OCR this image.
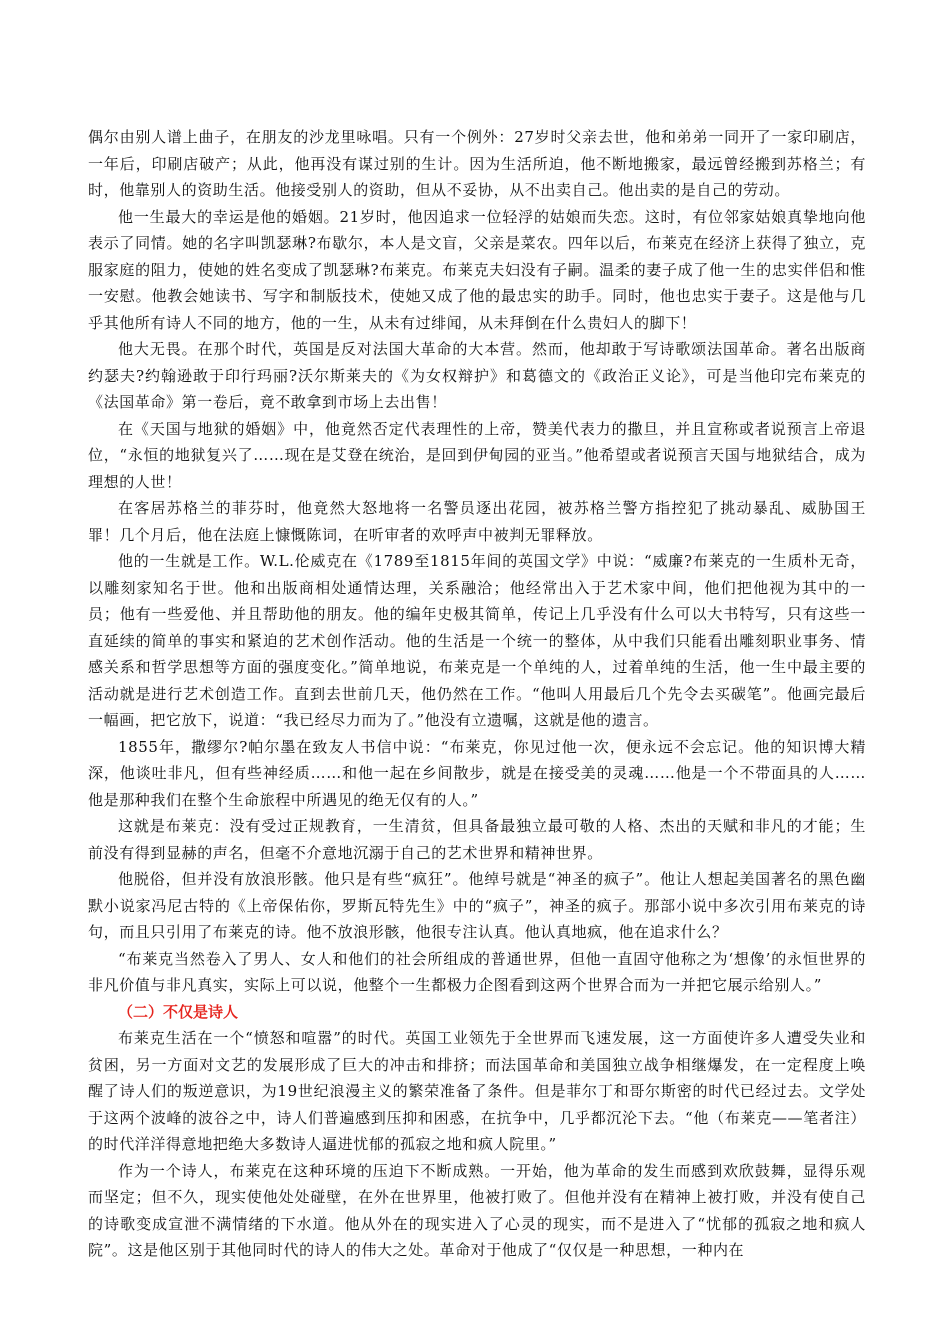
偶尔由别人谱上曲子，在朋友的沙龙里咏唱。只有一个例外：27岁时父亲去世，他和弟弟一同开了一家印刷店，一年后，印刷店破产；从此，他再没有谋过别的生计。因为生活所迫，他不断地搬家，最远曾经搬到苏格兰；有时，他靠别人的资助生活。他接受别人的资助，但从不妥协，从不出卖自己。他出卖的是自己的劳动。

他一生最大的幸运是他的婚姻。21岁时，他因追求一位轻浮的姑娘而失恋。这时，有位邻家姑娘真挚地向他表示了同情。她的名字叫凯瑟琳?布歇尔，本人是文盲，父亲是菜农。四年以后，布莱克在经济上获得了独立，克服家庭的阻力，使她的姓名变成了凯瑟琳?布莱克。布莱克夫妇没有子嗣。温柔的妻子成了他一生的忠实伴侣和惟一安慰。他教会她读书、写字和制版技术，使她又成了他的最忠实的助手。同时，他也忠实于妻子。这是他与几乎其他所有诗人不同的地方，他的一生，从未有过绯闻，从未拜倒在什么贵妇人的脚下！

他大无畏。在那个时代，英国是反对法国大革命的大本营。然而，他却敢于写诗歌颂法国革命。著名出版商约瑟夫?约翰逊敢于印行玛丽?沃尔斯莱夫的《为女权辩护》和葛德文的《政治正义论》，可是当他印完布莱克的《法国革命》第一卷后，竟不敢拿到市场上去出售！

在《天国与地狱的婚姻》中，他竟然否定代表理性的上帝，赞美代表力的撒旦，并且宣称或者说预言上帝退位，“永恒的地狱复兴了……现在是艾登在统治，是回到伊甸园的亚当。”他希望或者说预言天国与地狱结合，成为理想的人世！

在客居苏格兰的菲芬时，他竟然大怒地将一名警员逐出花园，被苏格兰警方指控犯了挑动暴乱、威胁国王罪！几个月后，他在法庭上慷慨陈词，在听审者的欢呼声中被判无罪释放。

他的一生就是工作。W.L.伦威克在《1789至1815年间的英国文学》中说：“威廉?布莱克的一生质朴无奇，以雕刻家知名于世。他和出版商相处通情达理，关系融洽；他经常出入于艺术家中间，他们把他视为其中的一员；他有一些爱他、并且帮助他的朋友。他的编年史极其简单，传记上几乎没有什么可以大书特写，只有这些一直延续的简单的事实和紧迫的艺术创作活动。他的生活是一个统一的整体，从中我们只能看出雕刻职业事务、情感关系和哲学思想等方面的强度变化。”简单地说，布莱克是一个单纯的人，过着单纯的生活，他一生中最主要的活动就是进行艺术创造工作。直到去世前几天，他仍然在工作。“他叫人用最后几个先令去买碳笔”。他画完最后一幅画，把它放下，说道：“我已经尽力而为了。”他没有立遗嘱，这就是他的遗言。

1855年，撒缪尔?帕尔墨在致友人书信中说：“布莱克，你见过他一次，便永远不会忘记。他的知识博大精深，他谈吐非凡，但有些神经质……和他一起在乡间散步，就是在接受美的灵魂……他是一个不带面具的人……他是那种我们在整个生命旅程中所遇见的绝无仅有的人。”

这就是布莱克：没有受过正规教育，一生清贫，但具备最独立最可敬的人格、杰出的天赋和非凡的才能；生前没有得到显赫的声名，但毫不介意地沉溺于自己的艺术世界和精神世界。

他脱俗，但并没有放浪形骸。他只是有些“疯狂”。他绰号就是“神圣的疯子”。他让人想起美国著名的黑色幽默小说家冯尼古特的《上帝保佑你，罗斯瓦特先生》中的“疯子”，神圣的疯子。那部小说中多次引用布莱克的诗句，而且只引用了布莱克的诗。他不放浪形骸，他很专注认真。他认真地疯，他在追求什么？

“布莱克当然卷入了男人、女人和他们的社会所组成的普通世界，但他一直固守他称之为‘想像’的永恒世界的非凡价值与非凡真实，实际上可以说，他整个一生都极力企图看到这两个世界合而为一并把它展示给别人。”

（二）不仅是诗人

布莱克生活在一个“愤怒和喧嚣”的时代。英国工业领先于全世界而飞速发展，这一方面使许多人遭受失业和贫困，另一方面对文艺的发展形成了巨大的冲击和排挤；而法国革命和美国独立战争相继爆发，在一定程度上唤醒了诗人们的叛逆意识，为19世纪浪漫主义的繁荣准备了条件。但是菲尔丁和哥尔斯密的时代已经过去。文学处于这两个波峰的波谷之中，诗人们普遍感到压抑和困惑，在抗争中，几乎都沉沦下去。“他（布莱克——笔者注）的时代洋洋得意地把绝大多数诗人逼进忧郁的孤寂之地和疯人院里。”

作为一个诗人，布莱克在这种环境的压迫下不断成熟。一开始，他为革命的发生而感到欢欣鼓舞，显得乐观而坚定；但不久，现实使他处处碰壁，在外在世界里，他被打败了。但他并没有在精神上被打败，并没有使自己的诗歌变成宣泄不满情绪的下水道。他从外在的现实进入了心灵的现实，而不是进入了“忧郁的孤寂之地和疯人院”。这是他区别于其他同时代的诗人的伟大之处。革命对于他成了“仅仅是一种思想，一种内在
